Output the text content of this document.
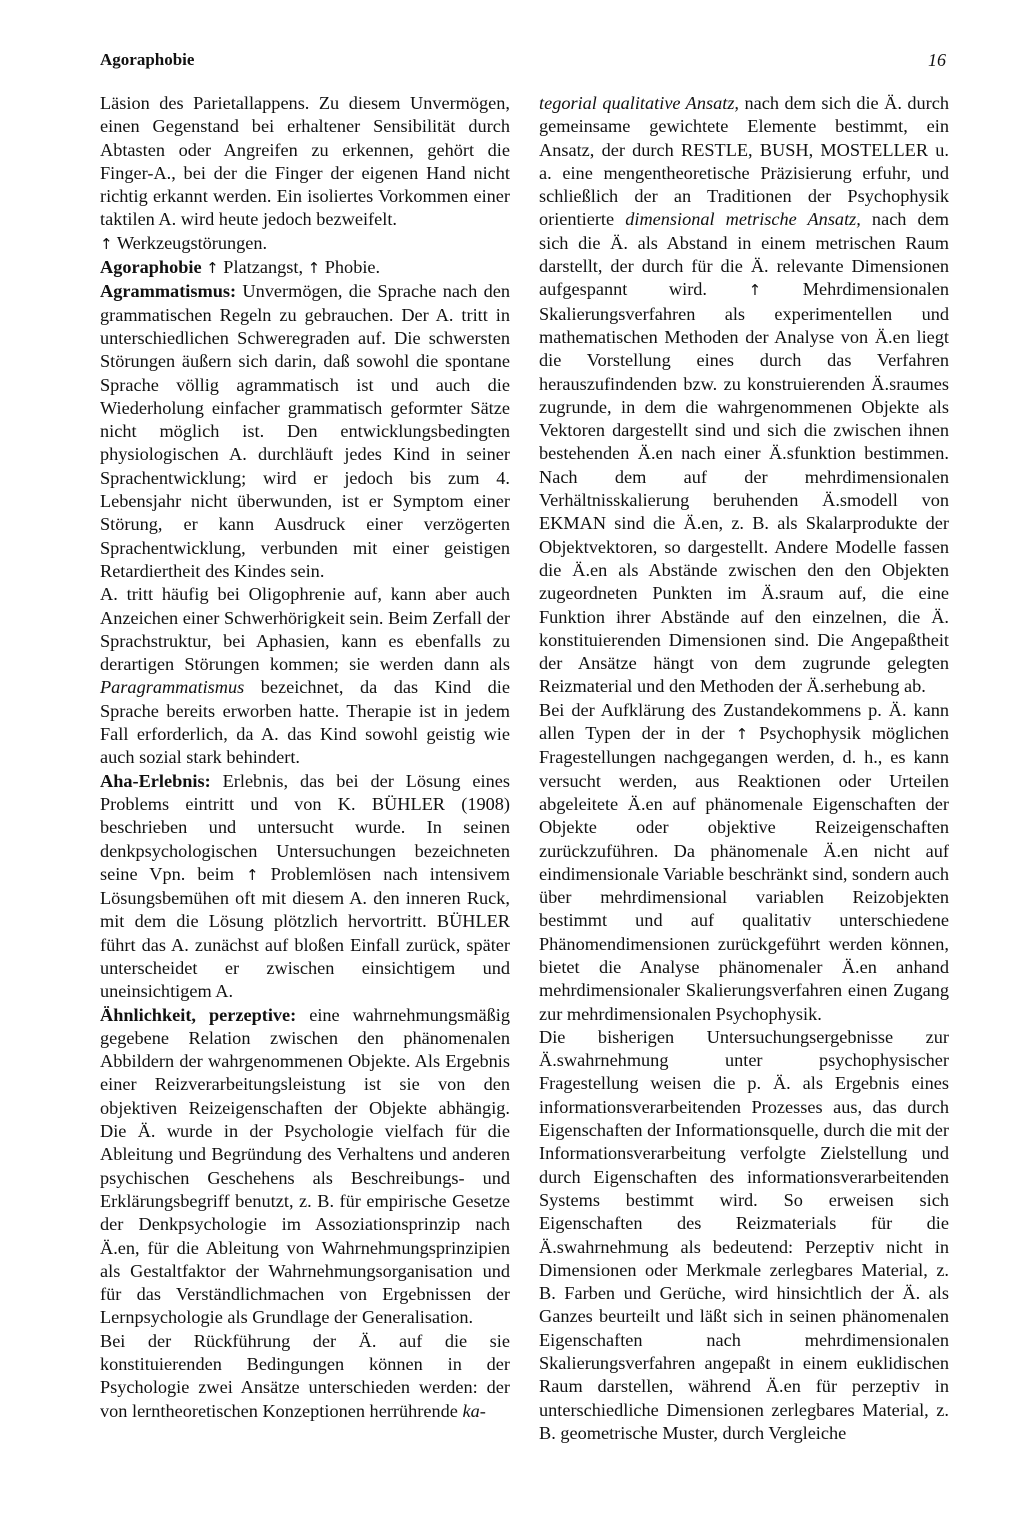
Agoraphobie	16

Läsion des Parietallappens. Zu diesem Unvermögen, einen Gegenstand bei erhaltener Sensibilität durch Abtasten oder Angreifen zu erkennen, gehört die Finger-A., bei der die Finger der eigenen Hand nicht richtig erkannt werden. Ein isoliertes Vorkommen einer taktilen A. wird heute jedoch bezweifelt.

↑ Werkzeugstörungen.

Agoraphobie ↑ Platzangst, ↑ Phobie.

Agrammatismus: Unvermögen, die Sprache nach den grammatischen Regeln zu gebrauchen. Der A. tritt in unterschiedlichen Schweregraden auf. Die schwersten Störungen äußern sich darin, daß sowohl die spontane Sprache völlig agrammatisch ist und auch die Wiederholung einfacher grammatisch geformter Sätze nicht möglich ist. Den entwicklungsbedingten physiologischen A. durchläuft jedes Kind in seiner Sprachentwicklung; wird er jedoch bis zum 4. Lebensjahr nicht überwunden, ist er Symptom einer Störung, er kann Ausdruck einer verzögerten Sprachentwicklung, verbunden mit einer geistigen Retardiertheit des Kindes sein.

A. tritt häufig bei Oligophrenie auf, kann aber auch Anzeichen einer Schwerhörigkeit sein. Beim Zerfall der Sprachstruktur, bei Aphasien, kann es ebenfalls zu derartigen Störungen kommen; sie werden dann als Paragrammatismus bezeichnet, da das Kind die Sprache bereits erworben hatte. Therapie ist in jedem Fall erforderlich, da A. das Kind sowohl geistig wie auch sozial stark behindert.

Aha-Erlebnis: Erlebnis, das bei der Lösung eines Problems eintritt und von K. BÜHLER (1908) beschrieben und untersucht wurde. In seinen denkpsychologischen Untersuchungen bezeichneten seine Vpn. beim ↑ Problemlösen nach intensivem Lösungsbemühen oft mit diesem A. den inneren Ruck, mit dem die Lösung plötzlich hervortritt. BÜHLER führt das A. zunächst auf bloßen Einfall zurück, später unterscheidet er zwischen einsichtigem und uneinsichtigem A.

Ähnlichkeit, perzeptive: eine wahrnehmungsmäßig gegebene Relation zwischen den phänomenalen Abbildern der wahrgenommenen Objekte. Als Ergebnis einer Reizverarbeitungsleistung ist sie von den objektiven Reizeigenschaften der Objekte abhängig. Die Ä. wurde in der Psychologie vielfach für die Ableitung und Begründung des Verhaltens und anderen psychischen Geschehens als Beschreibungs- und Erklärungsbegriff benutzt, z. B. für empirische Gesetze der Denkpsychologie im Assoziationsprinzip nach Ä.en, für die Ableitung von Wahrnehmungsprinzipien als Gestaltfaktor der Wahrnehmungsorganisation und für das Verständlichmachen von Ergebnissen der Lernpsychologie als Grundlage der Generalisation.

Bei der Rückführung der Ä. auf die sie konstituierenden Bedingungen können in der Psychologie zwei Ansätze unterschieden werden: der von lerntheoretischen Konzeptionen herrührende ka-

tegorial qualitative Ansatz, nach dem sich die Ä. durch gemeinsame gewichtete Elemente bestimmt, ein Ansatz, der durch RESTLE, BUSH, MOSTELLER u. a. eine mengentheoretische Präzisierung erfuhr, und schließlich der an Traditionen der Psychophysik orientierte dimensional metrische Ansatz, nach dem sich die Ä. als Abstand in einem metrischen Raum darstellt, der durch für die Ä. relevante Dimensionen aufgespannt wird. ↑ Mehrdimensionalen Skalierungsverfahren als experimentellen und mathematischen Methoden der Analyse von Ä.en liegt die Vorstellung eines durch das Verfahren herauszufindenden bzw. zu konstruierenden Ä.sraumes zugrunde, in dem die wahrgenommenen Objekte als Vektoren dargestellt sind und sich die zwischen ihnen bestehenden Ä.en nach einer Ä.sfunktion bestimmen. Nach dem auf der mehrdimensionalen Verhältnisskalierung beruhenden Ä.smodell von EKMAN sind die Ä.en, z. B. als Skalarprodukte der Objektvektoren, so dargestellt. Andere Modelle fassen die Ä.en als Abstände zwischen den den Objekten zugeordneten Punkten im Ä.sraum auf, die eine Funktion ihrer Abstände auf den einzelnen, die Ä. konstituierenden Dimensionen sind. Die Angepaßtheit der Ansätze hängt von dem zugrunde gelegten Reizmaterial und den Methoden der Ä.serhebung ab.

Bei der Aufklärung des Zustandekommens p. Ä. kann allen Typen der in der ↑ Psychophysik möglichen Fragestellungen nachgegangen werden, d. h., es kann versucht werden, aus Reaktionen oder Urteilen abgeleitete Ä.en auf phänomenale Eigenschaften der Objekte oder objektive Reizeigenschaften zurückzuführen. Da phänomenale Ä.en nicht auf eindimensionale Variable beschränkt sind, sondern auch über mehrdimensional variablen Reizobjekten bestimmt und auf qualitativ unterschiedene Phänomendimensionen zurückgeführt werden können, bietet die Analyse phänomenaler Ä.en anhand mehrdimensionaler Skalierungsverfahren einen Zugang zur mehrdimensionalen Psychophysik.

Die bisherigen Untersuchungsergebnisse zur Ä.swahrnehmung unter psychophysischer Fragestellung weisen die p. Ä. als Ergebnis eines informationsverarbeitenden Prozesses aus, das durch Eigenschaften der Informationsquelle, durch die mit der Informationsverarbeitung verfolgte Zielstellung und durch Eigenschaften des informationsverarbeitenden Systems bestimmt wird. So erweisen sich Eigenschaften des Reizmaterials für die Ä.swahrnehmung als bedeutend: Perzeptiv nicht in Dimensionen oder Merkmale zerlegbares Material, z. B. Farben und Gerüche, wird hinsichtlich der Ä. als Ganzes beurteilt und läßt sich in seinen phänomenalen Eigenschaften nach mehrdimensionalen Skalierungsverfahren angepaßt in einem euklidischen Raum darstellen, während Ä.en für perzeptiv in unterschiedliche Dimensionen zerlegbares Material, z. B. geometrische Muster, durch Vergleiche
